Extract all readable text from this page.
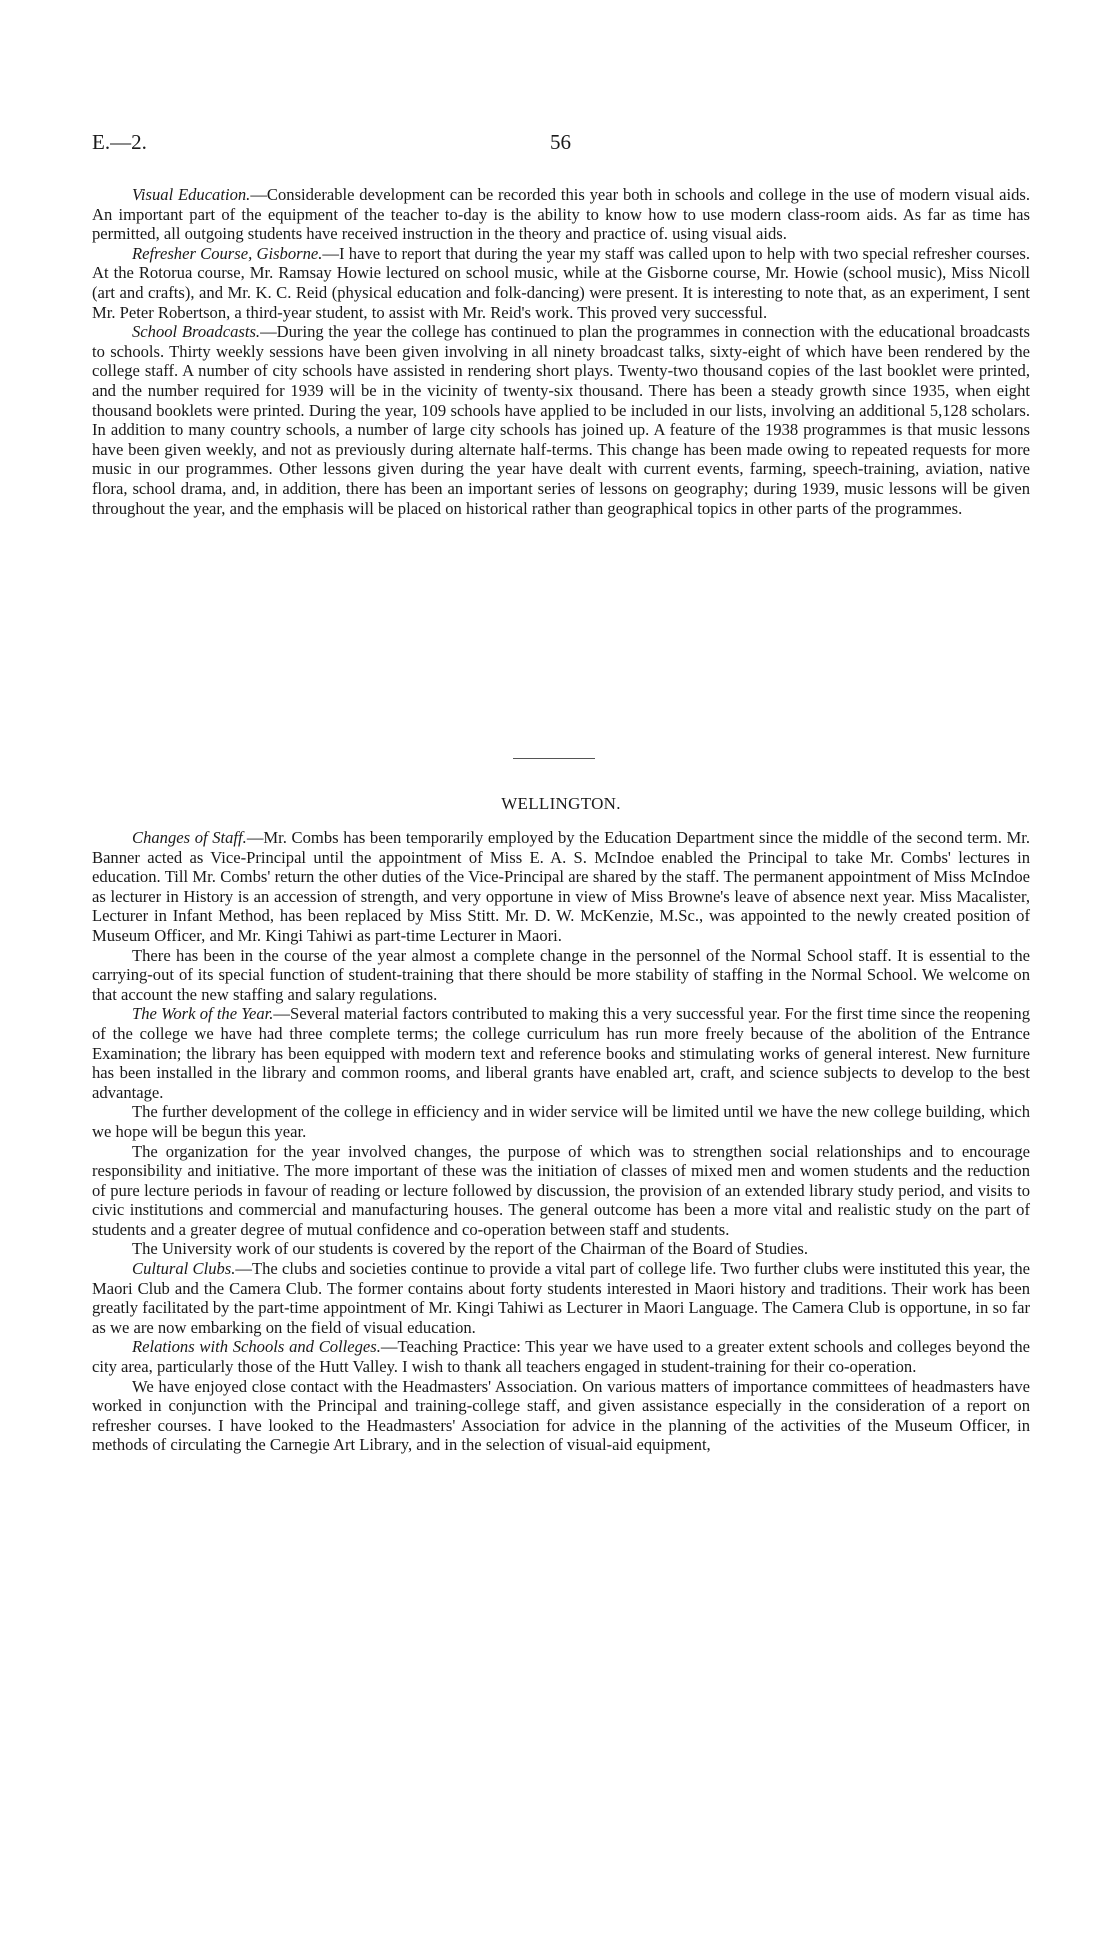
E.—2.	56

Visual Education.—Considerable development can be recorded this year both in schools and college in the use of modern visual aids. An important part of the equipment of the teacher to-day is the ability to know how to use modern class-room aids. As far as time has permitted, all outgoing students have received instruction in the theory and practice of. using visual aids.

Refresher Course, Gisborne.—I have to report that during the year my staff was called upon to help with two special refresher courses. At the Rotorua course, Mr. Ramsay Howie lectured on school music, while at the Gisborne course, Mr. Howie (school music), Miss Nicoll (art and crafts), and Mr. K. C. Reid (physical education and folk-dancing) were present. It is interesting to note that, as an experiment, I sent Mr. Peter Robertson, a third-year student, to assist with Mr. Reid's work. This proved very successful.

School Broadcasts.—During the year the college has continued to plan the programmes in connection with the educational broadcasts to schools. Thirty weekly sessions have been given involving in all ninety broadcast talks, sixty-eight of which have been rendered by the college staff. A number of city schools have assisted in rendering short plays. Twenty-two thousand copies of the last booklet were printed, and the number required for 1939 will be in the vicinity of twenty-six thousand. There has been a steady growth since 1935, when eight thousand booklets were printed. During the year, 109 schools have applied to be included in our lists, involving an additional 5,128 scholars. In addition to many country schools, a number of large city schools has joined up. A feature of the 1938 programmes is that music lessons have been given weekly, and not as previously during alternate half-terms. This change has been made owing to repeated requests for more music in our programmes. Other lessons given during the year have dealt with current events, farming, speech-training, aviation, native flora, school drama, and, in addition, there has been an important series of lessons on geography; during 1939, music lessons will be given throughout the year, and the emphasis will be placed on historical rather than geographical topics in other parts of the programmes.

WELLINGTON.

Changes of Staff.—Mr. Combs has been temporarily employed by the Education Department since the middle of the second term. Mr. Banner acted as Vice-Principal until the appointment of Miss E. A. S. McIndoe enabled the Principal to take Mr. Combs' lectures in education. Till Mr. Combs' return the other duties of the Vice-Principal are shared by the staff. The permanent appointment of Miss McIndoe as lecturer in History is an accession of strength, and very opportune in view of Miss Browne's leave of absence next year. Miss Macalister, Lecturer in Infant Method, has been replaced by Miss Stitt. Mr. D. W. McKenzie, M.Sc., was appointed to the newly created position of Museum Officer, and Mr. Kingi Tahiwi as part-time Lecturer in Maori.

There has been in the course of the year almost a complete change in the personnel of the Normal School staff. It is essential to the carrying-out of its special function of student-training that there should be more stability of staffing in the Normal School. We welcome on that account the new staffing and salary regulations.

The Work of the Year.—Several material factors contributed to making this a very successful year. For the first time since the reopening of the college we have had three complete terms; the college curriculum has run more freely because of the abolition of the Entrance Examination; the library has been equipped with modern text and reference books and stimulating works of general interest. New furniture has been installed in the library and common rooms, and liberal grants have enabled art, craft, and science subjects to develop to the best advantage.

The further development of the college in efficiency and in wider service will be limited until we have the new college building, which we hope will be begun this year.

The organization for the year involved changes, the purpose of which was to strengthen social relationships and to encourage responsibility and initiative. The more important of these was the initiation of classes of mixed men and women students and the reduction of pure lecture periods in favour of reading or lecture followed by discussion, the provision of an extended library study period, and visits to civic institutions and commercial and manufacturing houses. The general outcome has been a more vital and realistic study on the part of students and a greater degree of mutual confidence and co-operation between staff and students.

The University work of our students is covered by the report of the Chairman of the Board of Studies.

Cultural Clubs.—The clubs and societies continue to provide a vital part of college life. Two further clubs were instituted this year, the Maori Club and the Camera Club. The former contains about forty students interested in Maori history and traditions. Their work has been greatly facilitated by the part-time appointment of Mr. Kingi Tahiwi as Lecturer in Maori Language. The Camera Club is opportune, in so far as we are now embarking on the field of visual education.

Relations with Schools and Colleges.—Teaching Practice: This year we have used to a greater extent schools and colleges beyond the city area, particularly those of the Hutt Valley. I wish to thank all teachers engaged in student-training for their co-operation.

We have enjoyed close contact with the Headmasters' Association. On various matters of importance committees of headmasters have worked in conjunction with the Principal and training-college staff, and given assistance especially in the consideration of a report on refresher courses. I have looked to the Headmasters' Association for advice in the planning of the activities of the Museum Officer, in methods of circulating the Carnegie Art Library, and in the selection of visual-aid equipment,
